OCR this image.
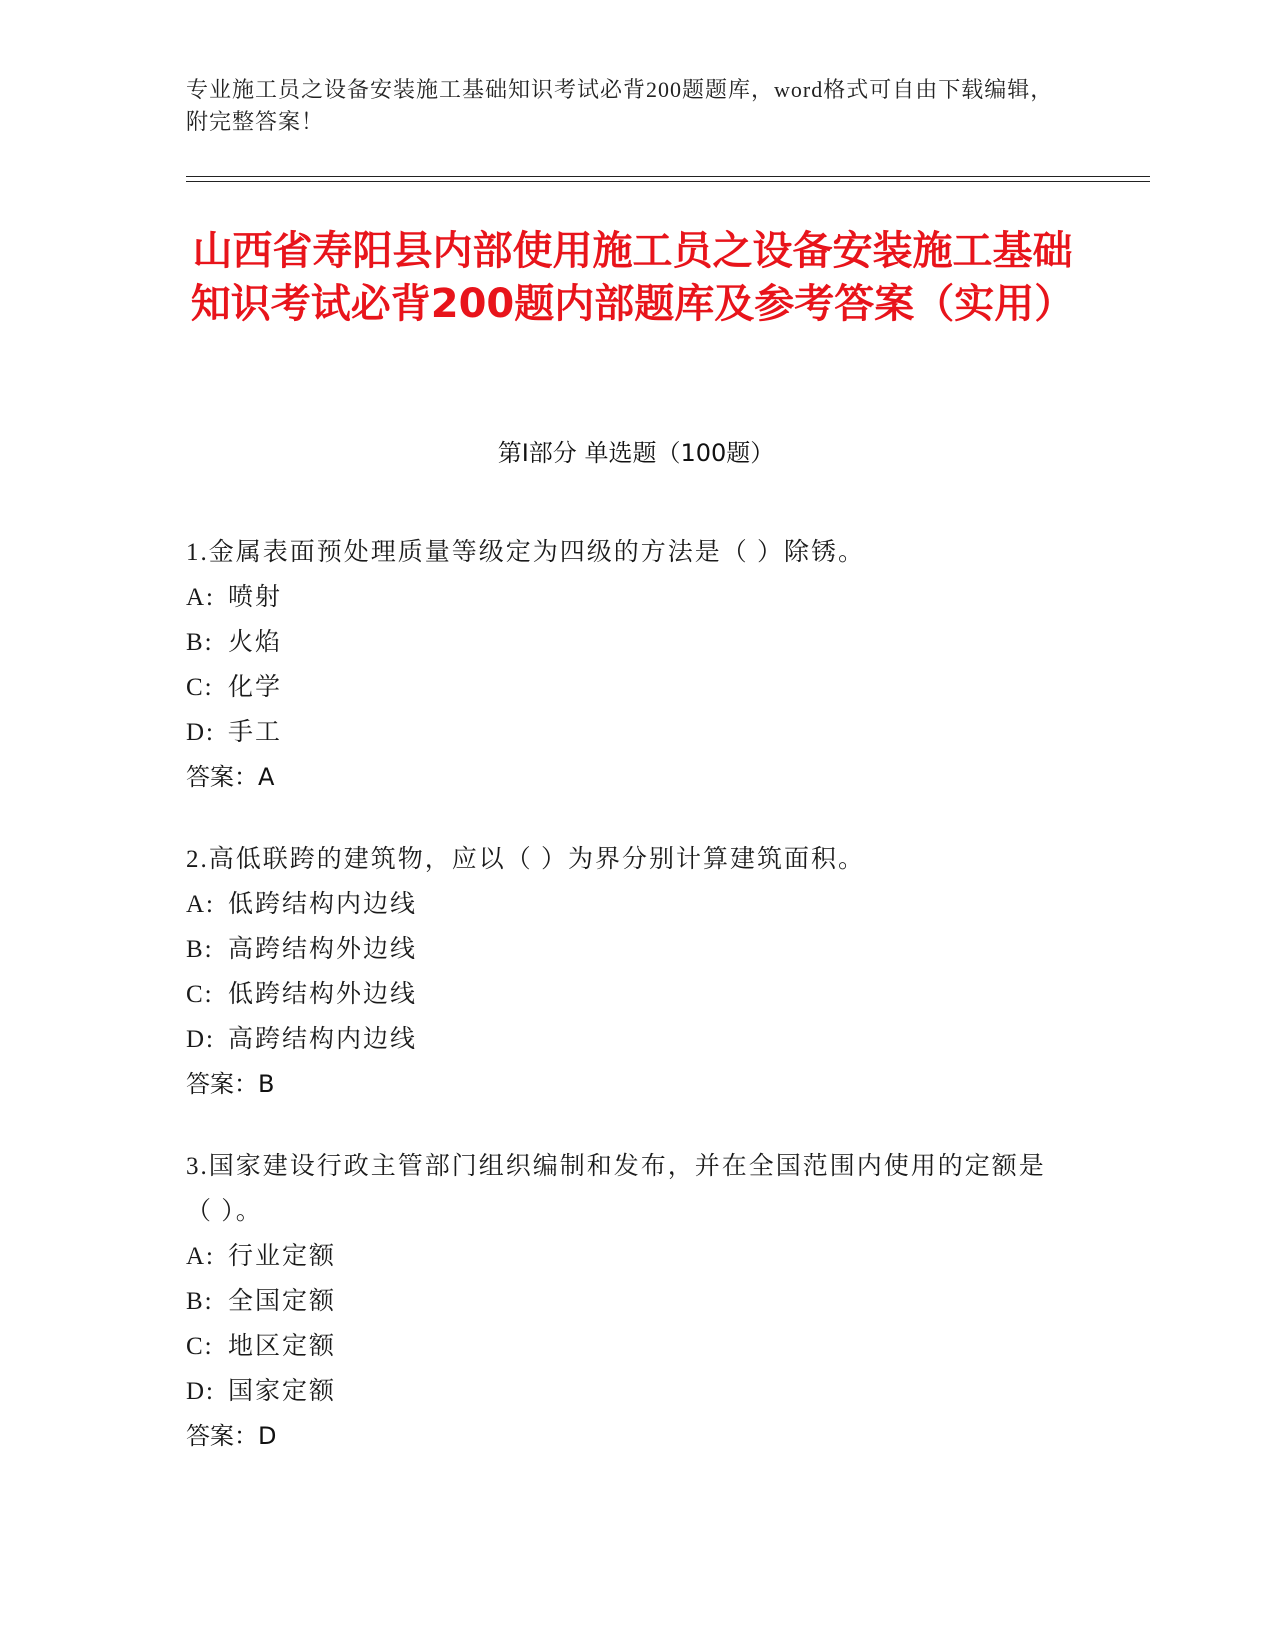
专业施工员之设备安装施工基础知识考试必背200题题库，word格式可自由下载编辑，附完整答案！
山西省寿阳县内部使用施工员之设备安装施工基础知识考试必背200题内部题库及参考答案（实用）
第I部分 单选题（100题）

1.金属表面预处理质量等级定为四级的方法是（ ）除锈。

A: 喷射
B: 火焰
C: 化学
D: 手工
答案：A

2.高低联跨的建筑物，应以（ ）为界分别计算建筑面积。

A: 低跨结构内边线
B: 高跨结构外边线
C: 低跨结构外边线
D: 高跨结构内边线
答案：B

3.国家建设行政主管部门组织编制和发布，并在全国范围内使用的定额是（ ）。

A: 行业定额
B: 全国定额
C: 地区定额
D: 国家定额
答案：D
